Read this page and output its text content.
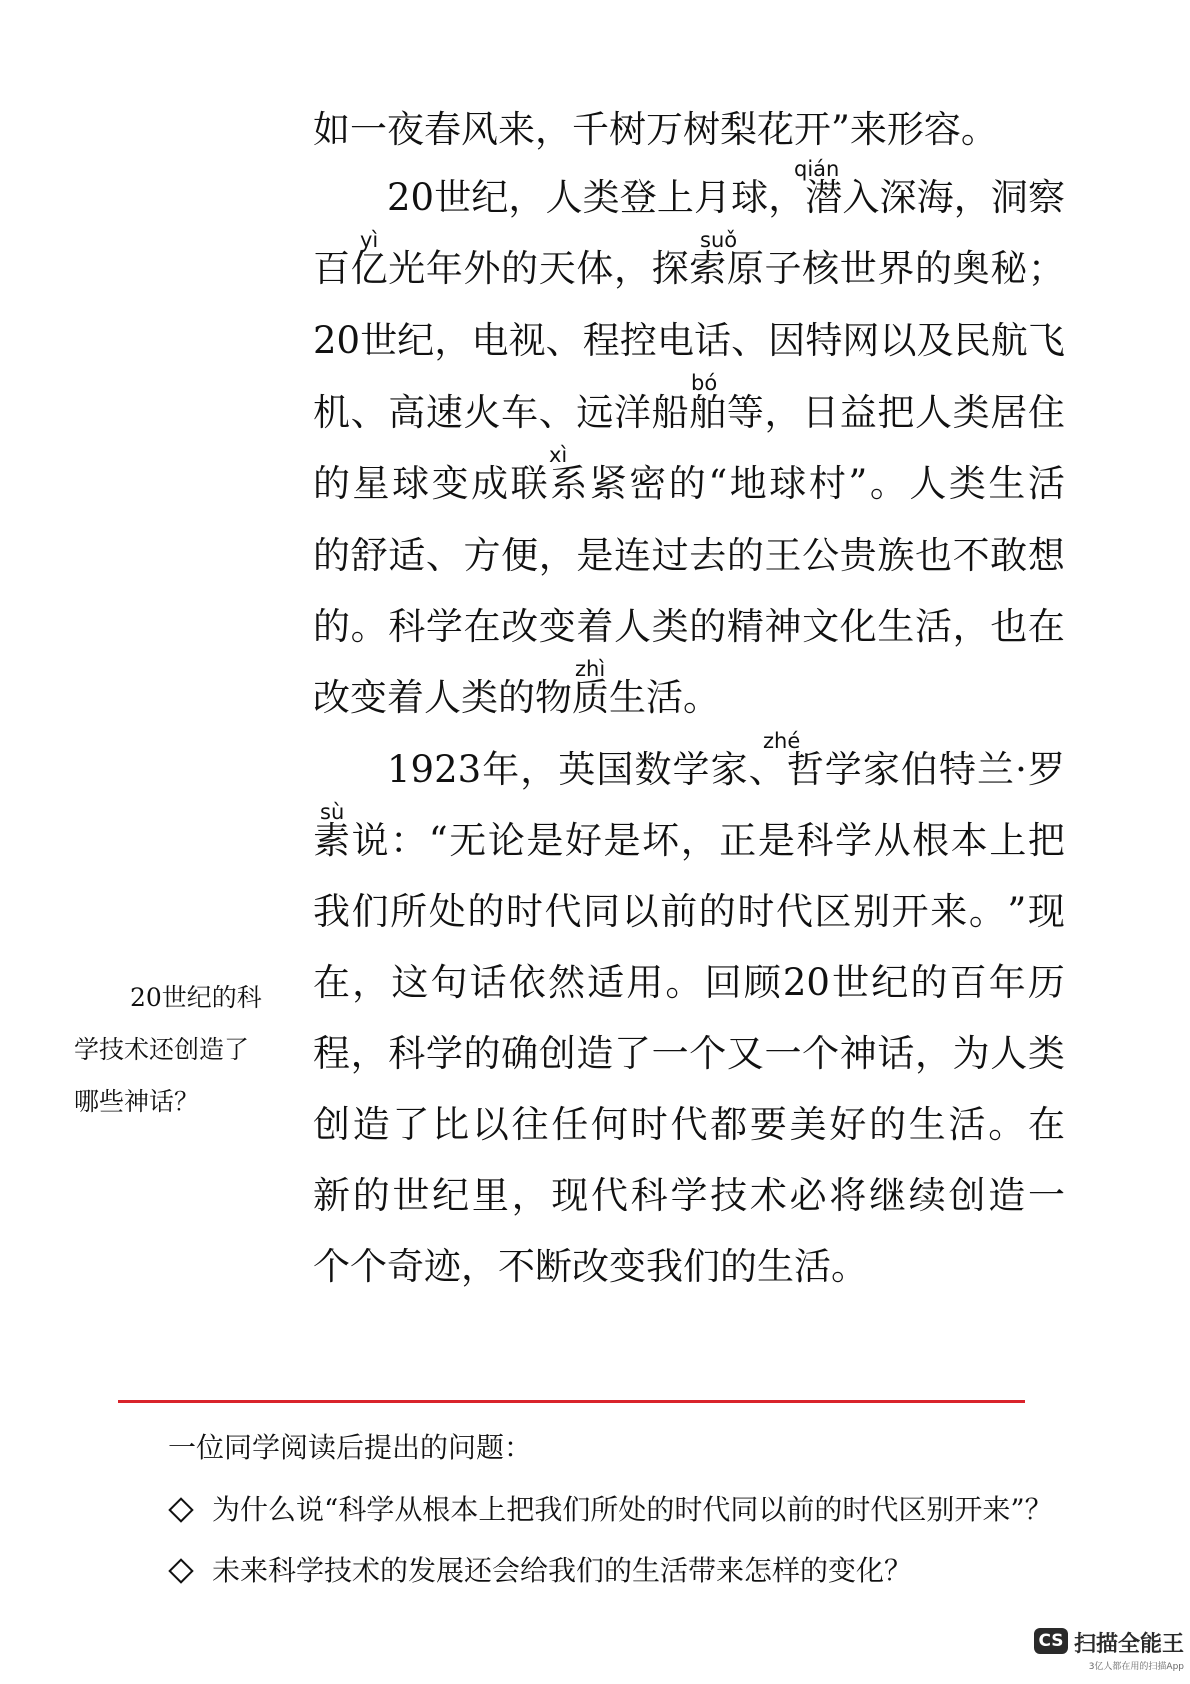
如一夜春风来，千树万树梨花开”来形容。
20 世 纪 ， 人 类 登 上 月 球 ， 潜 入 深 海 ， 洞 察
百 亿 光 年 外 的 天 体 ， 探 索 原 子 核 世 界 的 奥 秘 ；
20 世 纪 ， 电 视 、 程 控 电 话 、 因 特 网 以 及 民 航 飞
机 、 高 速 火 车 、 远 洋 船 舶 等 ， 日 益 把 人 类 居 住
的 星 球 变 成 联 系 紧 密 的 “ 地 球 村 ” 。 人 类 生 活
的 舒 适 、 方 便 ， 是 连 过 去 的 王 公 贵 族 也 不 敢 想
的 。 科 学 在 改 变 着 人 类 的 精 神 文 化 生 活 ， 也 在
改变着人类的物质生活。
1923 年 ， 英 国 数 学 家 、 哲 学 家 伯 特 兰 · 罗
素 说 ： “ 无 论 是 好 是 坏 ， 正 是 科 学 从 根 本 上 把
我 们 所 处 的 时 代 同 以 前 的 时 代 区 别 开 来 。 ” 现
在 ， 这 句 话 依 然 适 用 。 回 顾 20 世 纪 的 百 年 历
程 ， 科 学 的 确 创 造 了 一 个 又 一 个 神 话 ， 为 人 类
创 造 了 比 以 往 任 何 时 代 都 要 美 好 的 生 活 。 在
新 的 世 纪 里 ， 现 代 科 学 技 术 必 将 继 续 创 造 一
个个奇迹，不断改变我们的生活。
qián
yì	suǒ
bó
xì
zhì
zhé
sù
20世纪的科
学技术还创造了
哪些神话？
一位同学阅读后提出的问题：
为什么说“科学从根本上把我们所处的时代同以前的时代区别开来”？
未来科学技术的发展还会给我们的生活带来怎样的变化？
CS 扫描全能王
3亿人都在用的扫描App
